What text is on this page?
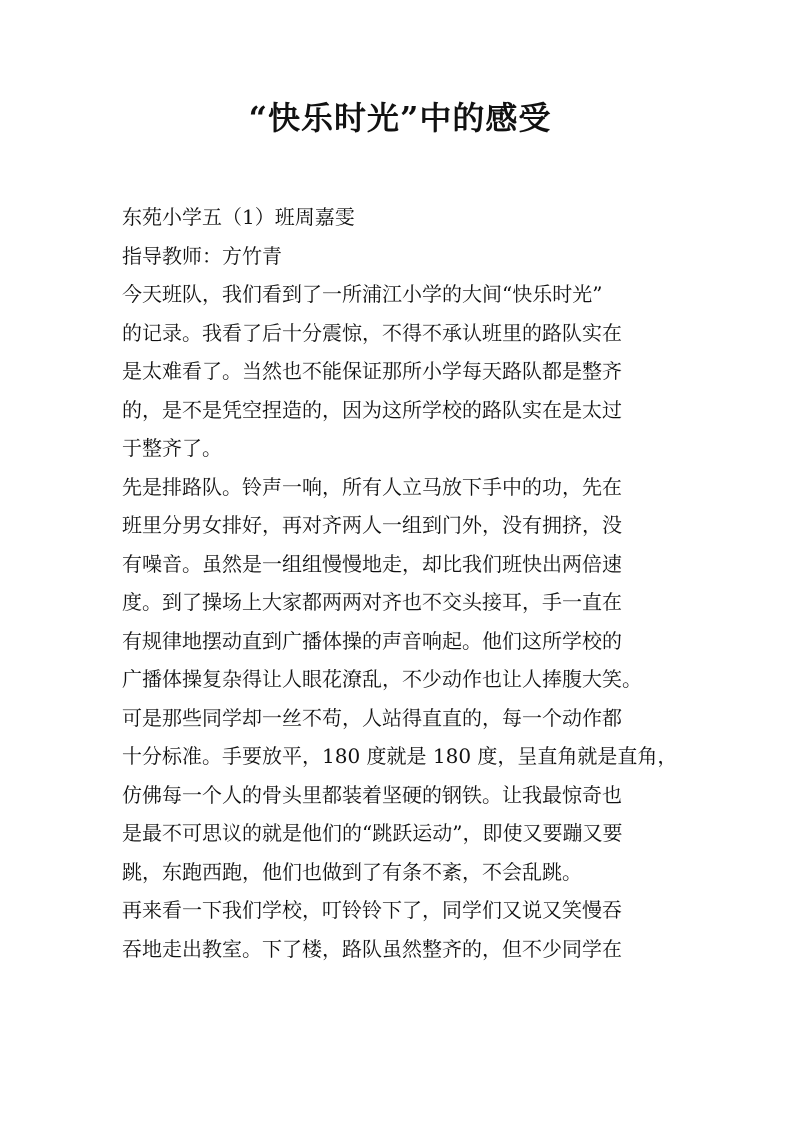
“快乐时光”中的感受
东苑小学五（1）班周嘉雯
指导教师：方竹青
今天班队，我们看到了一所浦江小学的大间“快乐时光”
的记录。我看了后十分震惊，不得不承认班里的路队实在
是太难看了。当然也不能保证那所小学每天路队都是整齐
的，是不是凭空捏造的，因为这所学校的路队实在是太过
于整齐了。
先是排路队。铃声一响，所有人立马放下手中的功，先在
班里分男女排好，再对齐两人一组到门外，没有拥挤，没
有噪音。虽然是一组组慢慢地走，却比我们班快出两倍速
度。到了操场上大家都两两对齐也不交头接耳，手一直在
有规律地摆动直到广播体操的声音响起。他们这所学校的
广播体操复杂得让人眼花潦乱，不少动作也让人捧腹大笑。
可是那些同学却一丝不苟，人站得直直的，每一个动作都
十分标准。手要放平，180 度就是 180 度，呈直角就是直角，
仿佛每一个人的骨头里都装着坚硬的钢铁。让我最惊奇也
是最不可思议的就是他们的“跳跃运动”，即使又要蹦又要
跳，东跑西跑，他们也做到了有条不紊，不会乱跳。
再来看一下我们学校，叮铃铃下了，同学们又说又笑慢吞
吞地走出教室。下了楼，路队虽然整齐的，但不少同学在
